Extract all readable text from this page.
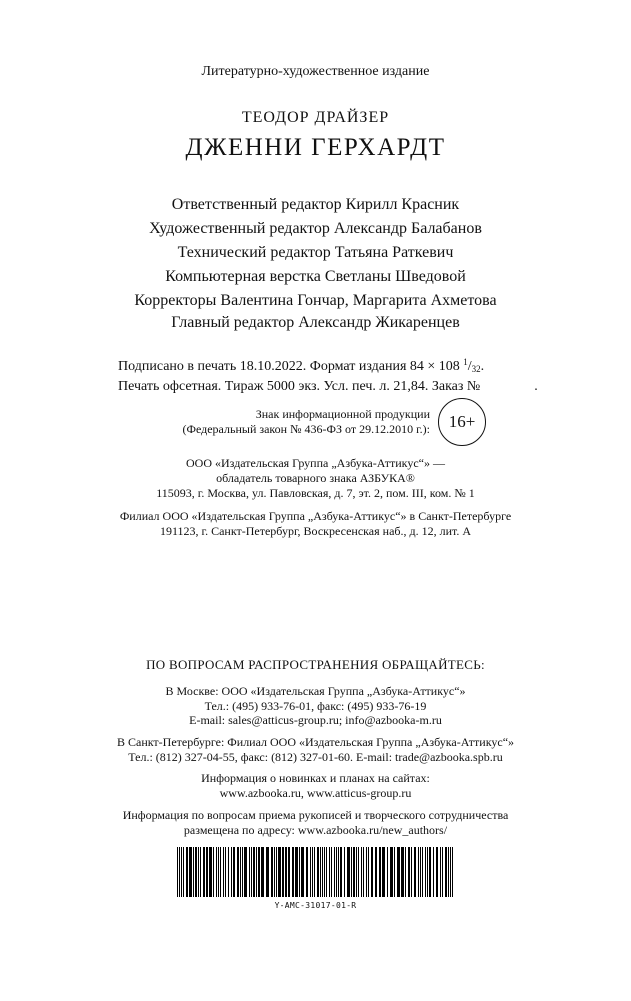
Литературно-художественное издание
ТЕОДОР ДРАЙЗЕР
ДЖЕННИ ГЕРХАРДТ
Ответственный редактор Кирилл Красник
Художественный редактор Александр Балабанов
Технический редактор Татьяна Раткевич
Компьютерная верстка Светланы Шведовой
Корректоры Валентина Гончар, Маргарита Ахметова
Главный редактор Александр Жикаренцев
Подписано в печать 18.10.2022. Формат издания 84 × 108 $^1/_{32}$.
Печать офсетная. Тираж 5000 экз. Усл. печ. л. 21,84. Заказ №	.
Знак информационной продукции
(Федеральный закон № 436-ФЗ от 29.12.2010 г.): 16+
ООО «Издательская Группа „Азбука-Аттикус“» —
обладатель товарного знака АЗБУКА®
115093, г. Москва, ул. Павловская, д. 7, эт. 2, пом. III, ком. № 1
Филиал ООО «Издательская Группа „Азбука-Аттикус“» в Санкт-Петербурге
191123, г. Санкт-Петербург, Воскресенская наб., д. 12, лит. А
ПО ВОПРОСАМ РАСПРОСТРАНЕНИЯ ОБРАЩАЙТЕСЬ:
В Москве: ООО «Издательская Группа „Азбука-Аттикус“»
Тел.: (495) 933-76-01, факс: (495) 933-76-19
E-mail: sales@atticus-group.ru; info@azbooka-m.ru
В Санкт-Петербурге: Филиал ООО «Издательская Группа „Азбука-Аттикус“»
Тел.: (812) 327-04-55, факс: (812) 327-01-60. E-mail: trade@azbooka.spb.ru
Информация о новинках и планах на сайтах:
www.azbooka.ru, www.atticus-group.ru
Информация по вопросам приема рукописей и творческого сотрудничества
размещена по адресу: www.azbooka.ru/new_authors/
Y-AMC-31017-01-R
